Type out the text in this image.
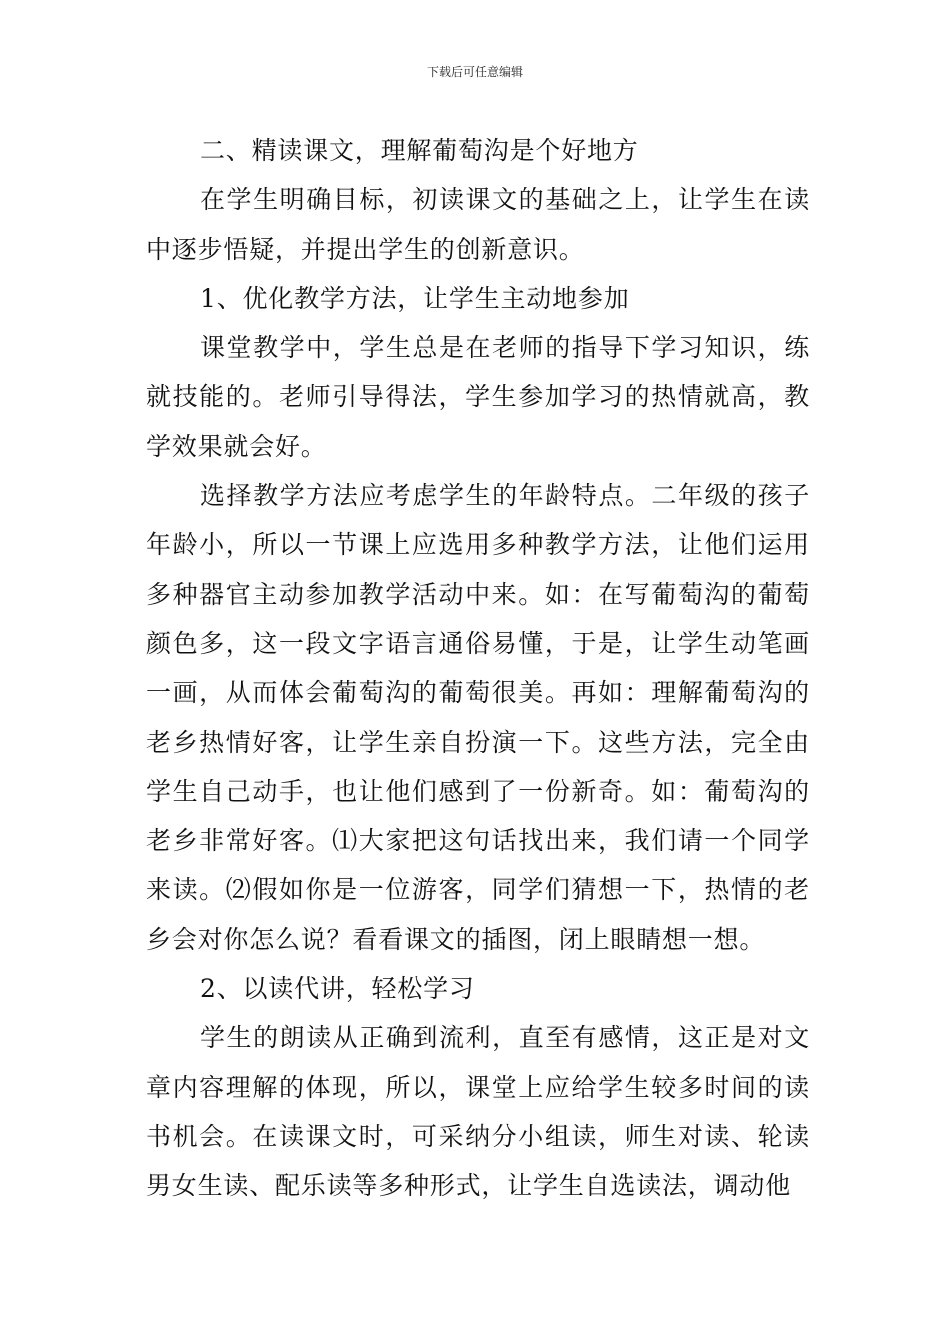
下载后可任意编辑

二、精读课文，理解葡萄沟是个好地方

在学生明确目标，初读课文的基础之上，让学生在读中逐步悟疑，并提出学生的创新意识。

1、优化教学方法，让学生主动地参加

课堂教学中，学生总是在老师的指导下学习知识，练就技能的。老师引导得法，学生参加学习的热情就高，教学效果就会好。

选择教学方法应考虑学生的年龄特点。二年级的孩子年龄小，所以一节课上应选用多种教学方法，让他们运用多种器官主动参加教学活动中来。如：在写葡萄沟的葡萄颜色多，这一段文字语言通俗易懂，于是，让学生动笔画一画，从而体会葡萄沟的葡萄很美。再如：理解葡萄沟的老乡热情好客，让学生亲自扮演一下。这些方法，完全由学生自己动手，也让他们感到了一份新奇。如：葡萄沟的老乡非常好客。⑴大家把这句话找出来，我们请一个同学来读。⑵假如你是一位游客，同学们猜想一下，热情的老乡会对你怎么说？看看课文的插图，闭上眼睛想一想。

2、以读代讲，轻松学习

学生的朗读从正确到流利，直至有感情，这正是对文章内容理解的体现，所以，课堂上应给学生较多时间的读书机会。在读课文时，可采纳分小组读，师生对读、轮读男女生读、配乐读等多种形式，让学生自选读法，调动他
